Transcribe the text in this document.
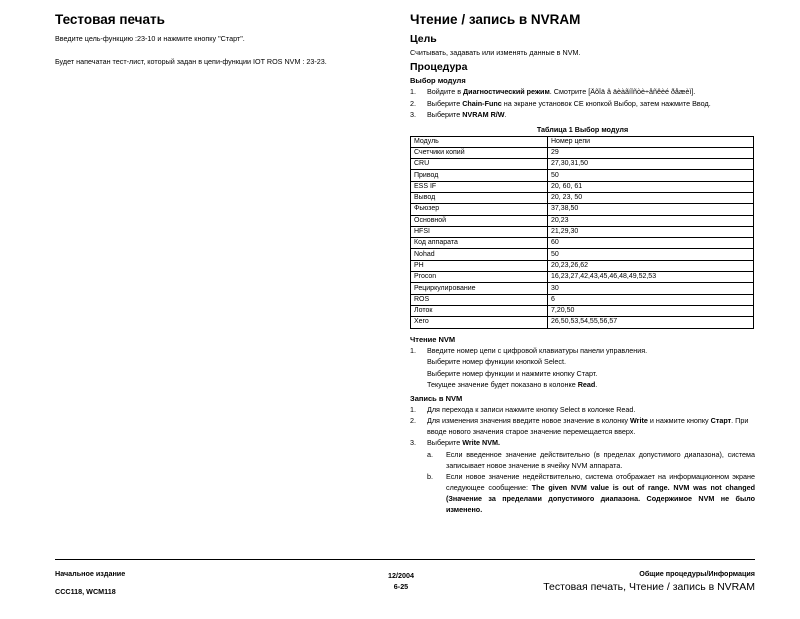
Тестовая печать

Введите цель-функцию :23-10 и нажмите кнопку "Старт".

Будет напечатан тест-лист, который задан в цепи-функции IOT ROS NVM : 23-23.

Чтение / запись в NVRAM
Цель

Считывать, задавать или изменять данные в NVM.

Процедура
Выбор модуля
1.	Войдите в Диагностический режим. Смотрите [Äõîä â äèàãíîñòè÷åñêèé ðåæèì].
2.	Выберите Chain-Func на экране установок CE кнопкой Выбор, затем нажмите Ввод.
3.	Выберите NVRAM R/W.
Таблица 1 Выбор модуля
Модуль	Номер цепи
Счетчики копий	29
CRU	27,30,31,50
Привод	50
ESS IF	20, 60, 61
Вывод	20, 23, 50
Фьюзер	37,38,50
Основной	20,23
HFSI	21,29,30
Код аппарата	60
Nohad	50
PH	20,23,26,62
Procon	16,23,27,42,43,45,46,48,49,52,53
Рециркулирование	30
ROS	6
Лоток	7,20,50
Xero	26,50,53,54,55,56,57
Чтение NVM
1.	Введите номер цепи с цифровой клавиатуры панели управления.
Выберите номер функции кнопкой Select.
Выберите номер функции и нажмите кнопку Старт.
Текущее значение будет показано в колонке Read.
Запись в NVM
1.	Для перехода к записи нажмите кнопку Select в колонке Read.
2.	Для изменения значения введите новое значение в колонку Write и нажмите кнопку Старт. При вводе нового значения старое значение перемещается вверх.
3.	Выберите Write NVM.
a.	Если введенное значение действительно (в пределах допустимого диапазона), система записывает новое значение в ячейку NVM аппарата.
b.	Если новое значение недействительно, система отображает на информационном экране следующее сообщение: The given NVM value is out of range. NVM was not changed (Значение за пределами допустимого диапазона. Содержимое NVM не было изменено.
Начальное издание
CCC118, WCM118
12/2004
6-25
Общие процедуры/Информация
Тестовая печать, Чтение / запись в NVRAM
